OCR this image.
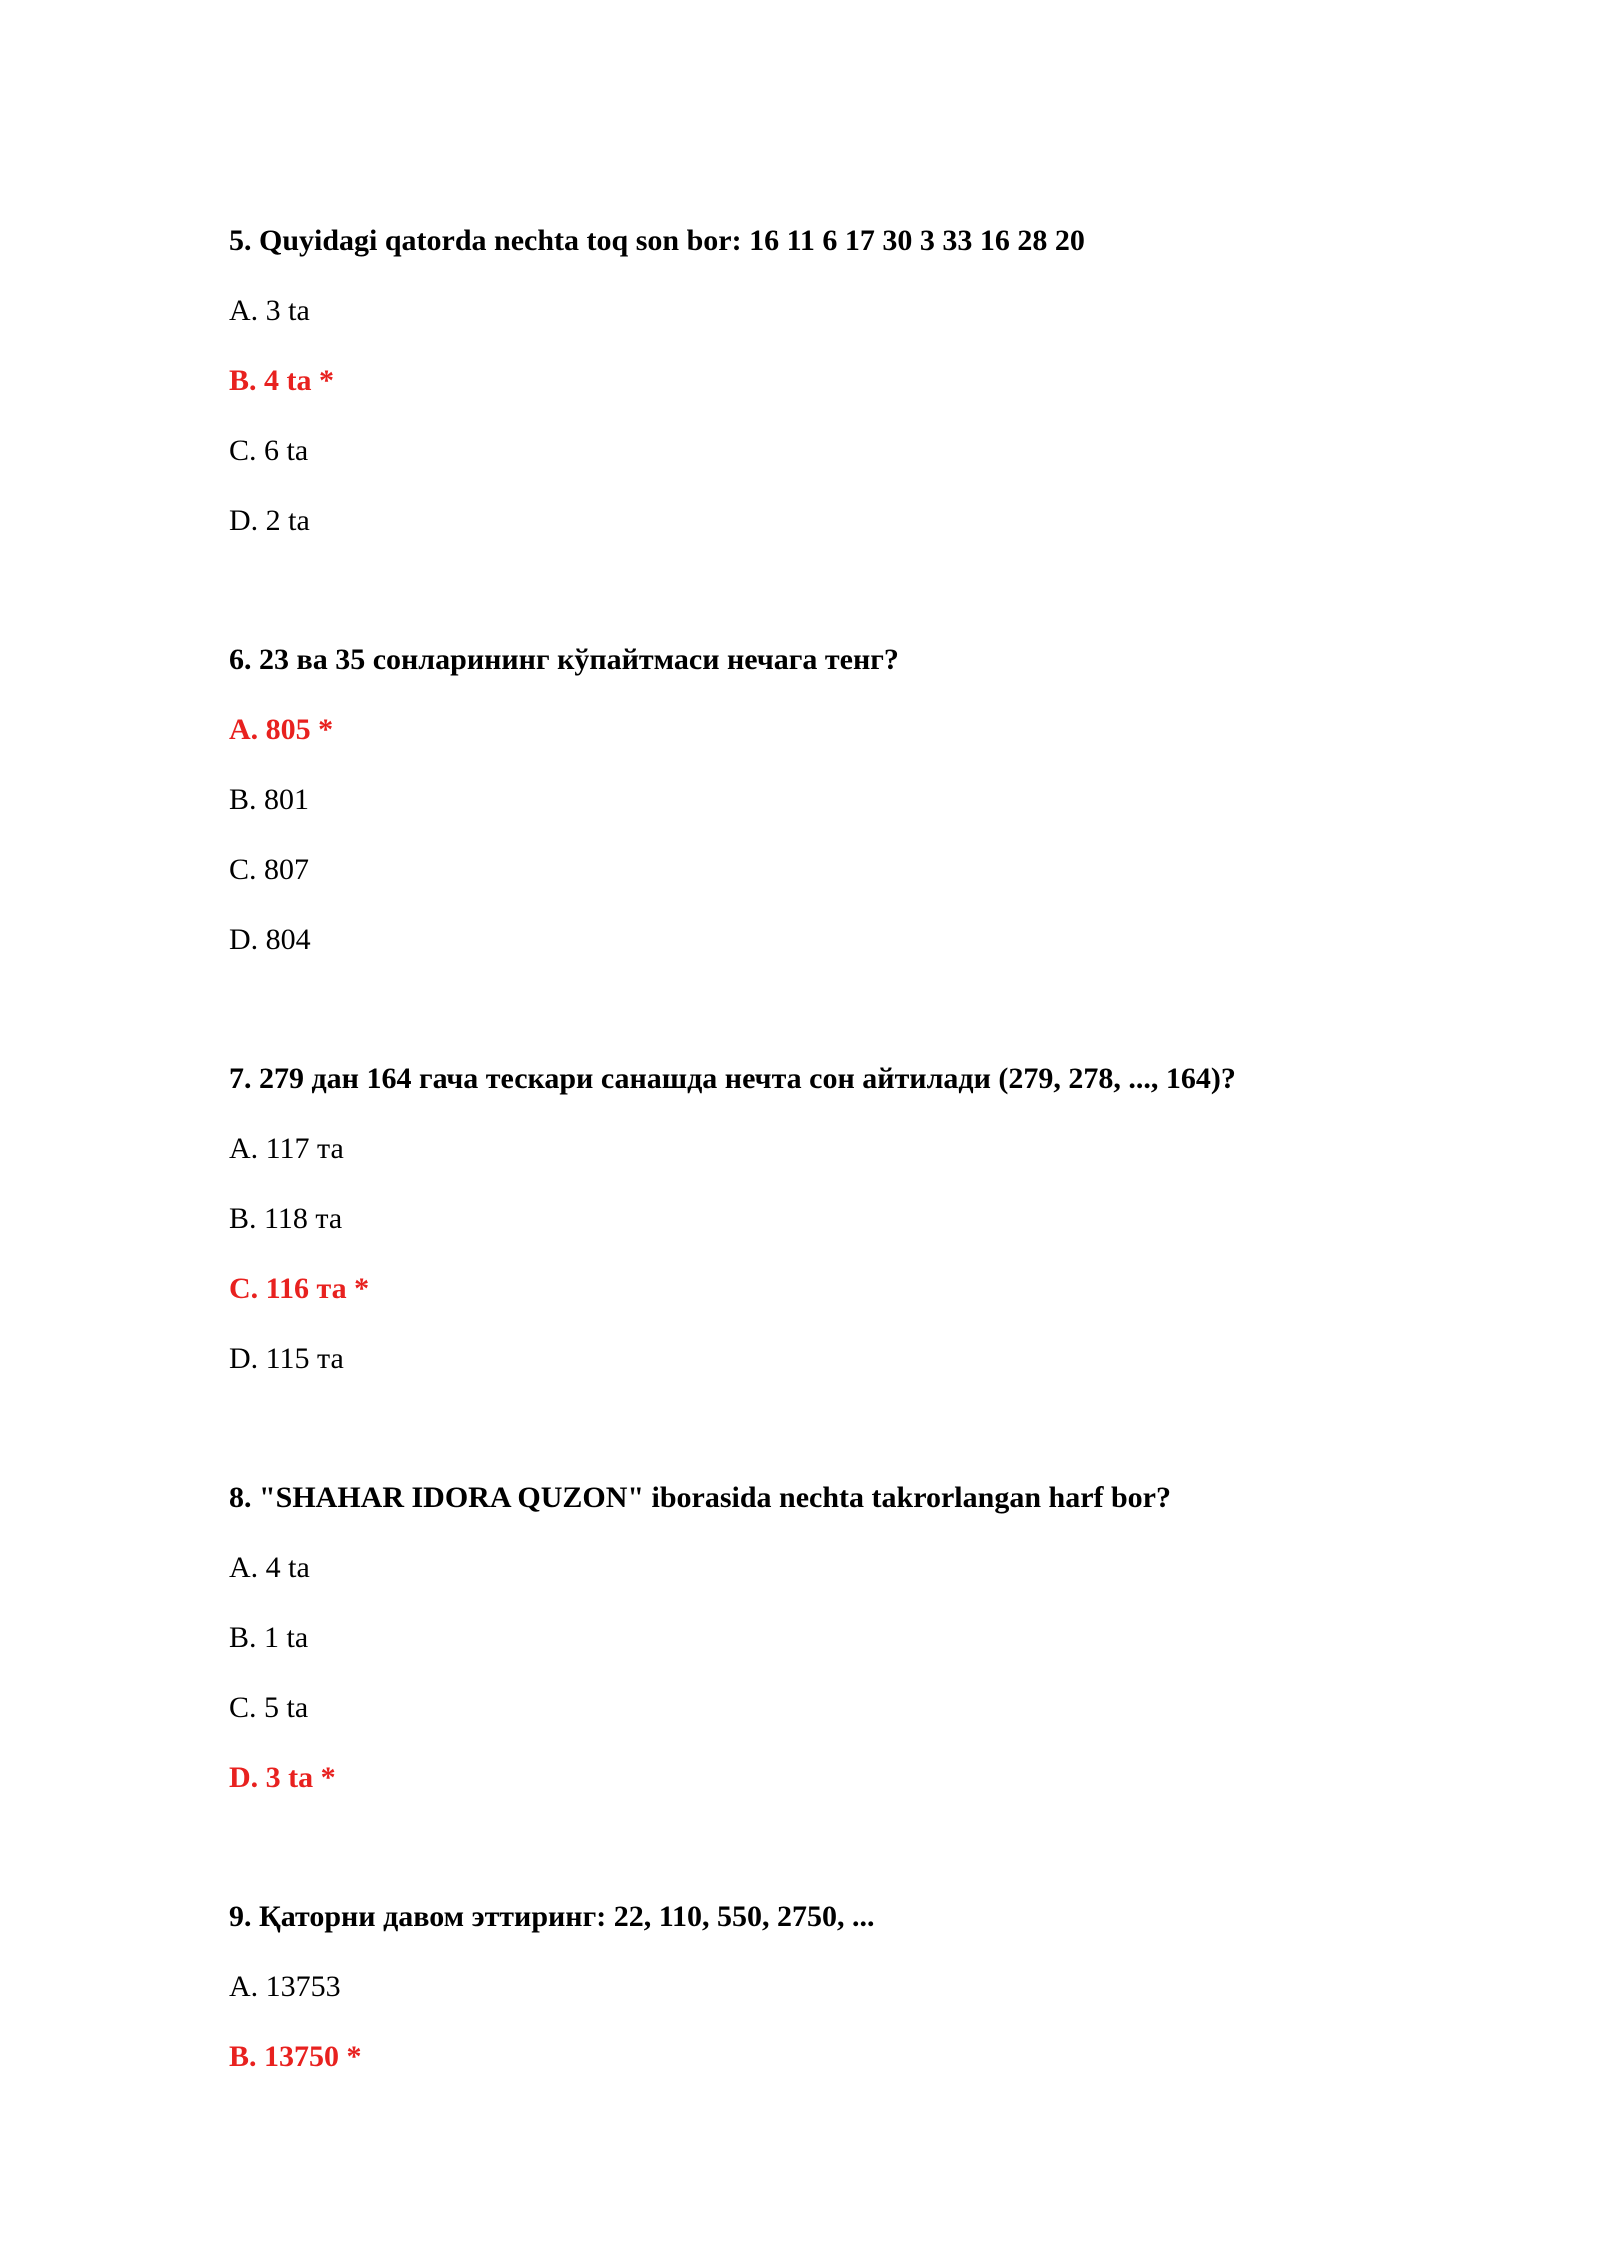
5. Quyidagi qatorda nechta toq son bor: 16 11 6 17 30 3 33 16 28 20

A. 3 ta

B. 4 ta *

C. 6 ta

D. 2 ta

6. 23 ва 35 сонларининг кўпайтмаси нечага тенг?

A. 805 *

B. 801

C. 807

D. 804

7. 279 дан 164 гача тескари санашда нечта сон айтилади (279, 278, ..., 164)?

A. 117 та

B. 118 та

C. 116 та *

D. 115 та

8. "SHAHAR IDORA QUZON" iborasida nechta takrorlangan harf bor?

A. 4 ta

B. 1 ta

C. 5 ta

D. 3 ta *

9. Қаторни давом эттиринг: 22, 110, 550, 2750, ...

A. 13753

B. 13750 *
